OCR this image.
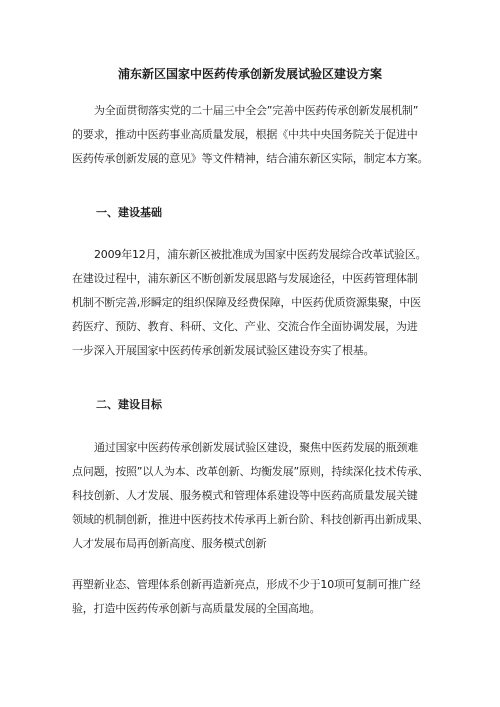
浦东新区国家中医药传承创新发展试验区建设方案
为全面贯彻落实党的二十届三中全会”完善中医药传承创新发展机制”
的要求，推动中医药事业高质量发展，根据《中共中央国务院关于促进中
医药传承创新发展的意见》等文件精神，结合浦东新区实际，制定本方案。
一、建设基础
2009年12月，浦东新区被批准成为国家中医药发展综合改革试验区。
在建设过程中，浦东新区不断创新发展思路与发展途径，中医药管理体制
机制不断完善,形瞬定的组织保障及经费保障，中医药优质资源集聚，中医
药医疗、预防、教育、科研、文化、产业、交流合作全面协调发展，为进
一步深入开展国家中医药传承创新发展试验区建设夯实了根基。
二、建设目标
通过国家中医药传承创新发展试验区建设，聚焦中医药发展的瓶颈难
点问题，按照”以人为本、改革创新、均衡发展”原则，持续深化技术传承、
科技创新、人才发展、服务模式和管理体系建设等中医药高质量发展关键
领域的机制创新，推进中医药技术传承再上新台阶、科技创新再出新成果、
人才发展布局再创新高度、服务模式创新
再塑新业态、管理体系创新再造新亮点，形成不少于10项可复制可推广经
验，打造中医药传承创新与高质量发展的全国高地。
